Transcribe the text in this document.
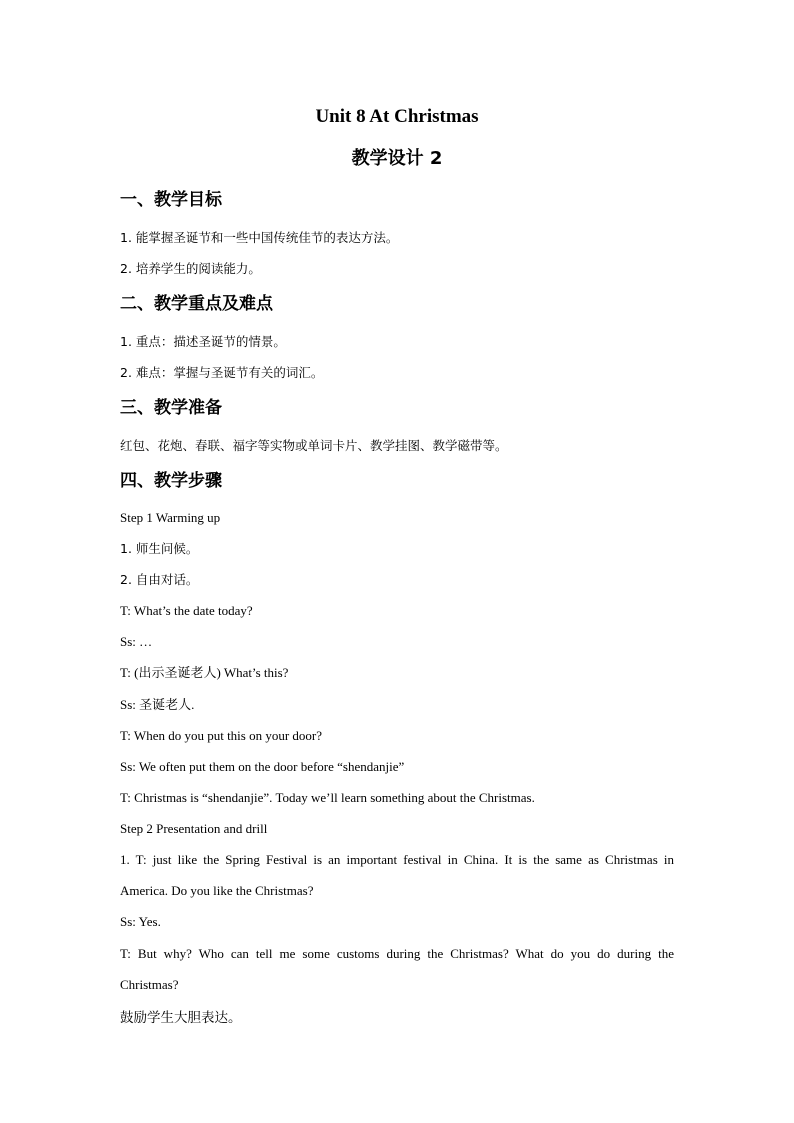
Unit 8 At Christmas
教学设计 2
一、教学目标
1. 能掌握圣诞节和一些中国传统佳节的表达方法。
2. 培养学生的阅读能力。
二、教学重点及难点
1. 重点：描述圣诞节的情景。
2. 难点：掌握与圣诞节有关的词汇。
三、教学准备
红包、花炮、春联、福字等实物或单词卡片、教学挂图、教学磁带等。
四、教学步骤
Step 1 Warming up
1. 师生问候。
2. 自由对话。
T: What’s the date today?
Ss: …
T: (出示圣诞老人) What’s this?
Ss: 圣诞老人.
T: When do you put this on your door?
Ss: We often put them on the door before “shendanjie”
T: Christmas is “shendanjie”. Today we’ll learn something about the Christmas.
Step 2 Presentation and drill
1. T: just like the Spring Festival is an important festival in China. It is the same as Christmas in
America. Do you like the Christmas?
Ss: Yes.
T: But why? Who can tell me some customs during the Christmas? What do you do during the
Christmas?
鼓励学生大胆表达。
